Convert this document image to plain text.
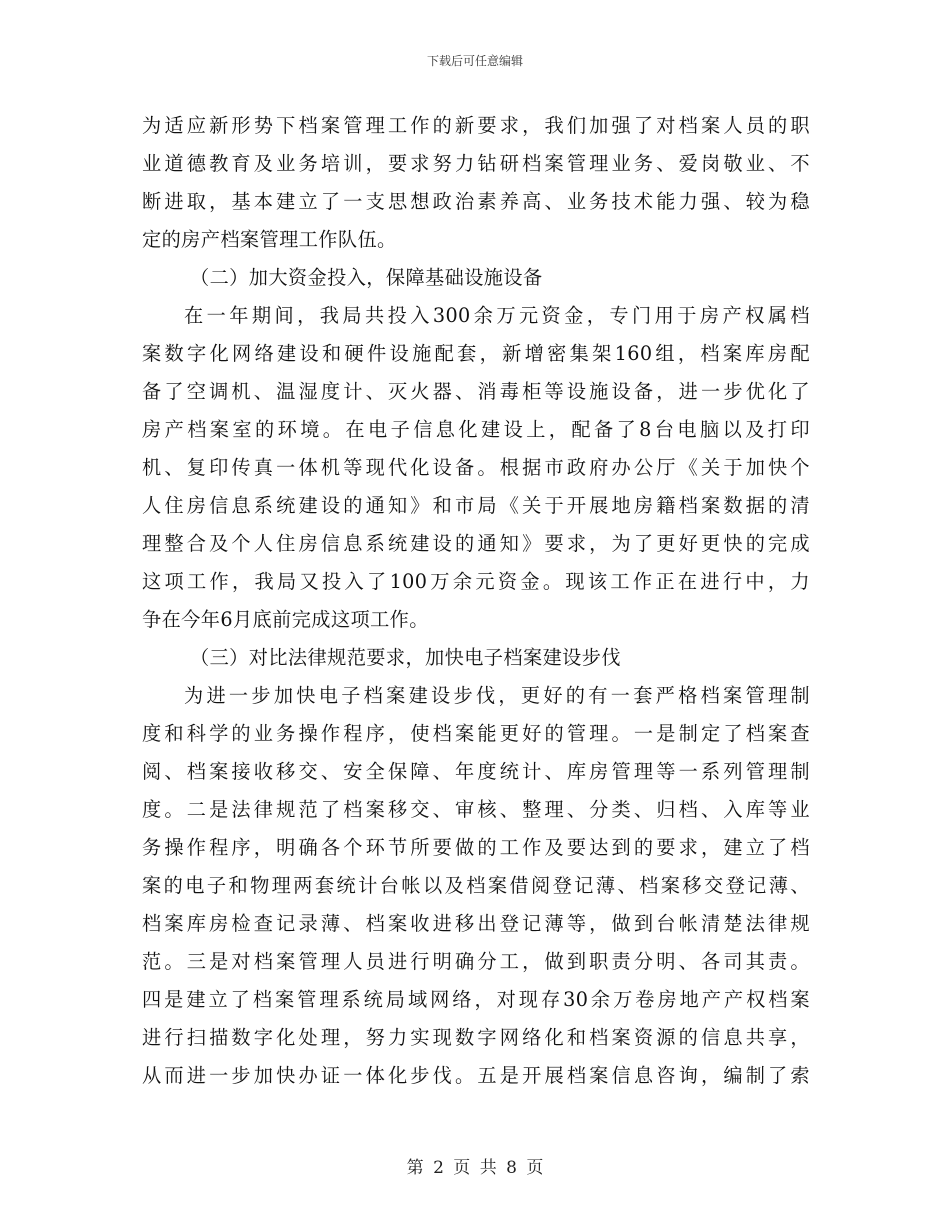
下载后可任意编辑
为适应新形势下档案管理工作的新要求，我们加强了对档案人员的职
业道德教育及业务培训，要求努力钻研档案管理业务、爱岗敬业、不
断进取，基本建立了一支思想政治素养高、业务技术能力强、较为稳
定的房产档案管理工作队伍。
（二）加大资金投入，保障基础设施设备
在一年期间，我局共投入300余万元资金，专门用于房产权属档
案数字化网络建设和硬件设施配套，新增密集架160组，档案库房配
备了空调机、温湿度计、灭火器、消毒柜等设施设备，进一步优化了
房产档案室的环境。在电子信息化建设上，配备了8台电脑以及打印
机、复印传真一体机等现代化设备。根据市政府办公厅《关于加快个
人住房信息系统建设的通知》和市局《关于开展地房籍档案数据的清
理整合及个人住房信息系统建设的通知》要求，为了更好更快的完成
这项工作，我局又投入了100万余元资金。现该工作正在进行中，力
争在今年6月底前完成这项工作。
（三）对比法律规范要求，加快电子档案建设步伐
为进一步加快电子档案建设步伐，更好的有一套严格档案管理制
度和科学的业务操作程序，使档案能更好的管理。一是制定了档案查
阅、档案接收移交、安全保障、年度统计、库房管理等一系列管理制
度。二是法律规范了档案移交、审核、整理、分类、归档、入库等业
务操作程序，明确各个环节所要做的工作及要达到的要求，建立了档
案的电子和物理两套统计台帐以及档案借阅登记薄、档案移交登记薄、
档案库房检查记录薄、档案收进移出登记薄等，做到台帐清楚法律规
范。三是对档案管理人员进行明确分工，做到职责分明、各司其责。
四是建立了档案管理系统局域网络，对现存30余万卷房地产产权档案
进行扫描数字化处理，努力实现数字网络化和档案资源的信息共享，
从而进一步加快办证一体化步伐。五是开展档案信息咨询，编制了索
第 2 页 共 8 页
